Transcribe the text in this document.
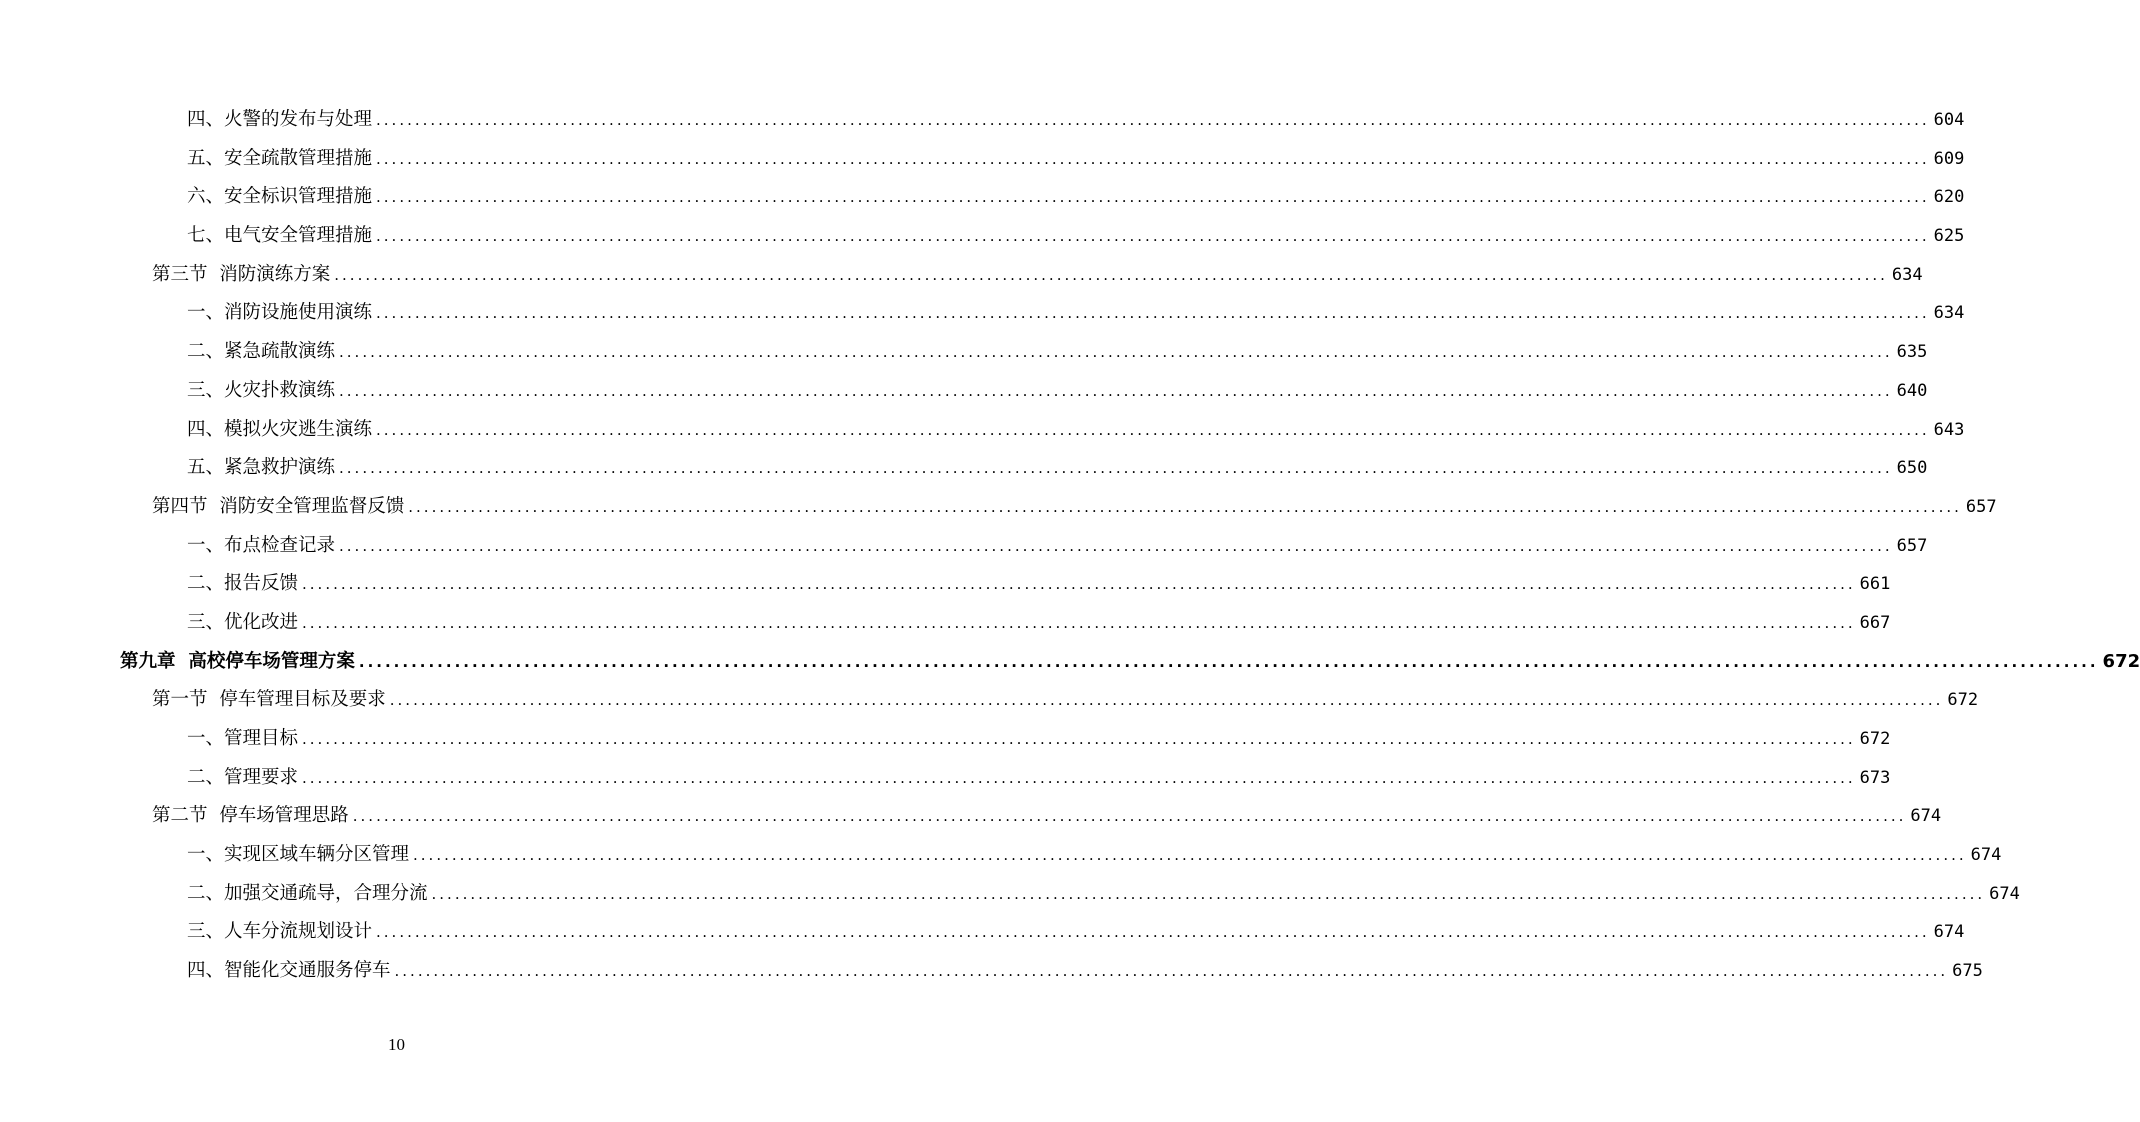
四、火警的发布与处理 ........................................................................................................................................................................................................ 604
五、安全疏散管理措施 ........................................................................................................................................................................................................ 609
六、安全标识管理措施 ........................................................................................................................................................................................................ 620
七、电气安全管理措施 ........................................................................................................................................................................................................ 625
第三节  消防演练方案 ........................................................................................................................................................................................................ 634
一、消防设施使用演练 ........................................................................................................................................................................................................ 634
二、紧急疏散演练 ........................................................................................................................................................................................................ 635
三、火灾扑救演练 ........................................................................................................................................................................................................ 640
四、模拟火灾逃生演练 ........................................................................................................................................................................................................ 643
五、紧急救护演练 ........................................................................................................................................................................................................ 650
第四节  消防安全管理监督反馈 ........................................................................................................................................................................................................ 657
一、布点检查记录 ........................................................................................................................................................................................................ 657
二、报告反馈 ........................................................................................................................................................................................................ 661
三、优化改进 ........................................................................................................................................................................................................ 667
第九章  高校停车场管理方案 ........................................................................................................................................................................................................ 672
第一节  停车管理目标及要求 ........................................................................................................................................................................................................ 672
一、管理目标 ........................................................................................................................................................................................................ 672
二、管理要求 ........................................................................................................................................................................................................ 673
第二节  停车场管理思路 ........................................................................................................................................................................................................ 674
一、实现区域车辆分区管理 ........................................................................................................................................................................................................ 674
二、加强交通疏导，合理分流 ........................................................................................................................................................................................................ 674
三、人车分流规划设计 ........................................................................................................................................................................................................ 674
四、智能化交通服务停车 ........................................................................................................................................................................................................ 675
10
